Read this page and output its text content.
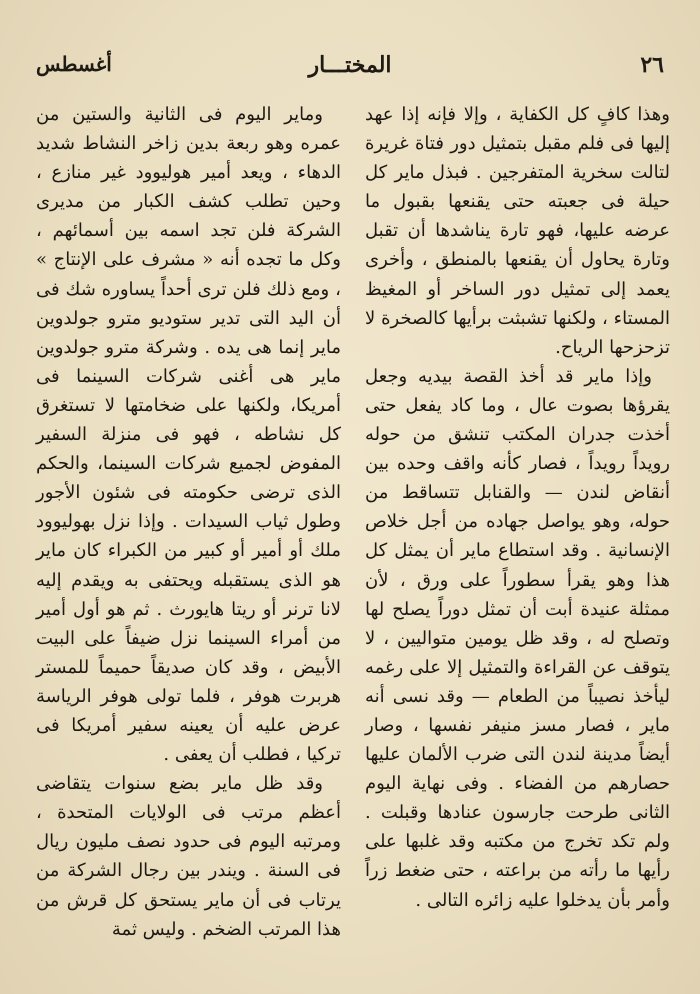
٢٦
المختـــار
أغسطس

وهذا كافٍ كل الكفاية ، وإلا فإنه إذا عهد إليها فى فلم مقبل بتمثيل دور فتاة غريرة لتالت سخرية المتفرجين . فبذل ماير كل حيلة فى جعبته حتى يقنعها بقبول ما عرضه عليها، فهو تارة يناشدها أن تقبل وتارة يحاول أن يقنعها بالمنطق ، وأخرى يعمد إلى تمثيل دور الساخر أو المغيظ المستاء ، ولكنها تشبثت برأيها كالصخرة لا تزحزحها الرياح.

وإذا ماير قد أخذ القصة بيديه وجعل يقرؤها بصوت عال ، وما كاد يفعل حتى أخذت جدران المكتب تنشق من حوله رويداً رويداً ، فصار كأنه واقف وحده بين أنقاض لندن — والقنابل تتساقط من حوله، وهو يواصل جهاده من أجل خلاص الإنسانية . وقد استطاع ماير أن يمثل كل هذا وهو يقرأ سطوراً على ورق ، لأن ممثلة عنيدة أبت أن تمثل دوراً يصلح لها وتصلح له ، وقد ظل يومين متواليين ، لا يتوقف عن القراءة والتمثيل إلا على رغمه ليأخذ نصيباً من الطعام — وقد نسى أنه ماير ، فصار مسز منيفر نفسها ، وصار أيضاً مدينة لندن التى ضرب الألمان عليها حصارهم من الفضاء . وفى نهاية اليوم الثانى طرحت جارسون عنادها وقبلت . ولم تكد تخرج من مكتبه وقد غلبها على رأيها ما رأته من براعته ، حتى ضغط زراً وأمر بأن يدخلوا عليه زائره التالى .

وماير اليوم فى الثانية والستين من عمره وهو ربعة بدين زاخر النشاط شديد الدهاء ، ويعد أمير هوليوود غير منازع ، وحين تطلب كشف الكبار من مديرى الشركة فلن تجد اسمه بين أسمائهم ، وكل ما تجده أنه « مشرف على الإنتاج » ، ومع ذلك فلن ترى أحداً يساوره شك فى أن اليد التى تدير ستوديو مترو جولدوين ماير إنما هى يده . وشركة مترو جولدوين ماير هى أغنى شركات السينما فى أمريكا، ولكنها على ضخامتها لا تستغرق كل نشاطه ، فهو فى منزلة السفير المفوض لجميع شركات السينما، والحكم الذى ترضى حكومته فى شئون الأجور وطول ثياب السيدات . وإذا نزل بهوليوود ملك أو أمير أو كبير من الكبراء كان ماير هو الذى يستقبله ويحتفى به ويقدم إليه لانا ترنر أو ريتا هايورث . ثم هو أول أمير من أمراء السينما نزل ضيفاً على البيت الأبيض ، وقد كان صديقاً حميماً للمستر هربرت هوفر ، فلما تولى هوفر الرياسة عرض عليه أن يعينه سفير أمريكا فى تركيا ، فطلب أن يعفى .

وقد ظل ماير بضع سنوات يتقاضى أعظم مرتب فى الولايات المتحدة ، ومرتبه اليوم فى حدود نصف مليون ريال فى السنة . ويندر بين رجال الشركة من يرتاب فى أن ماير يستحق كل قرش من هذا المرتب الضخم . وليس ثمة
